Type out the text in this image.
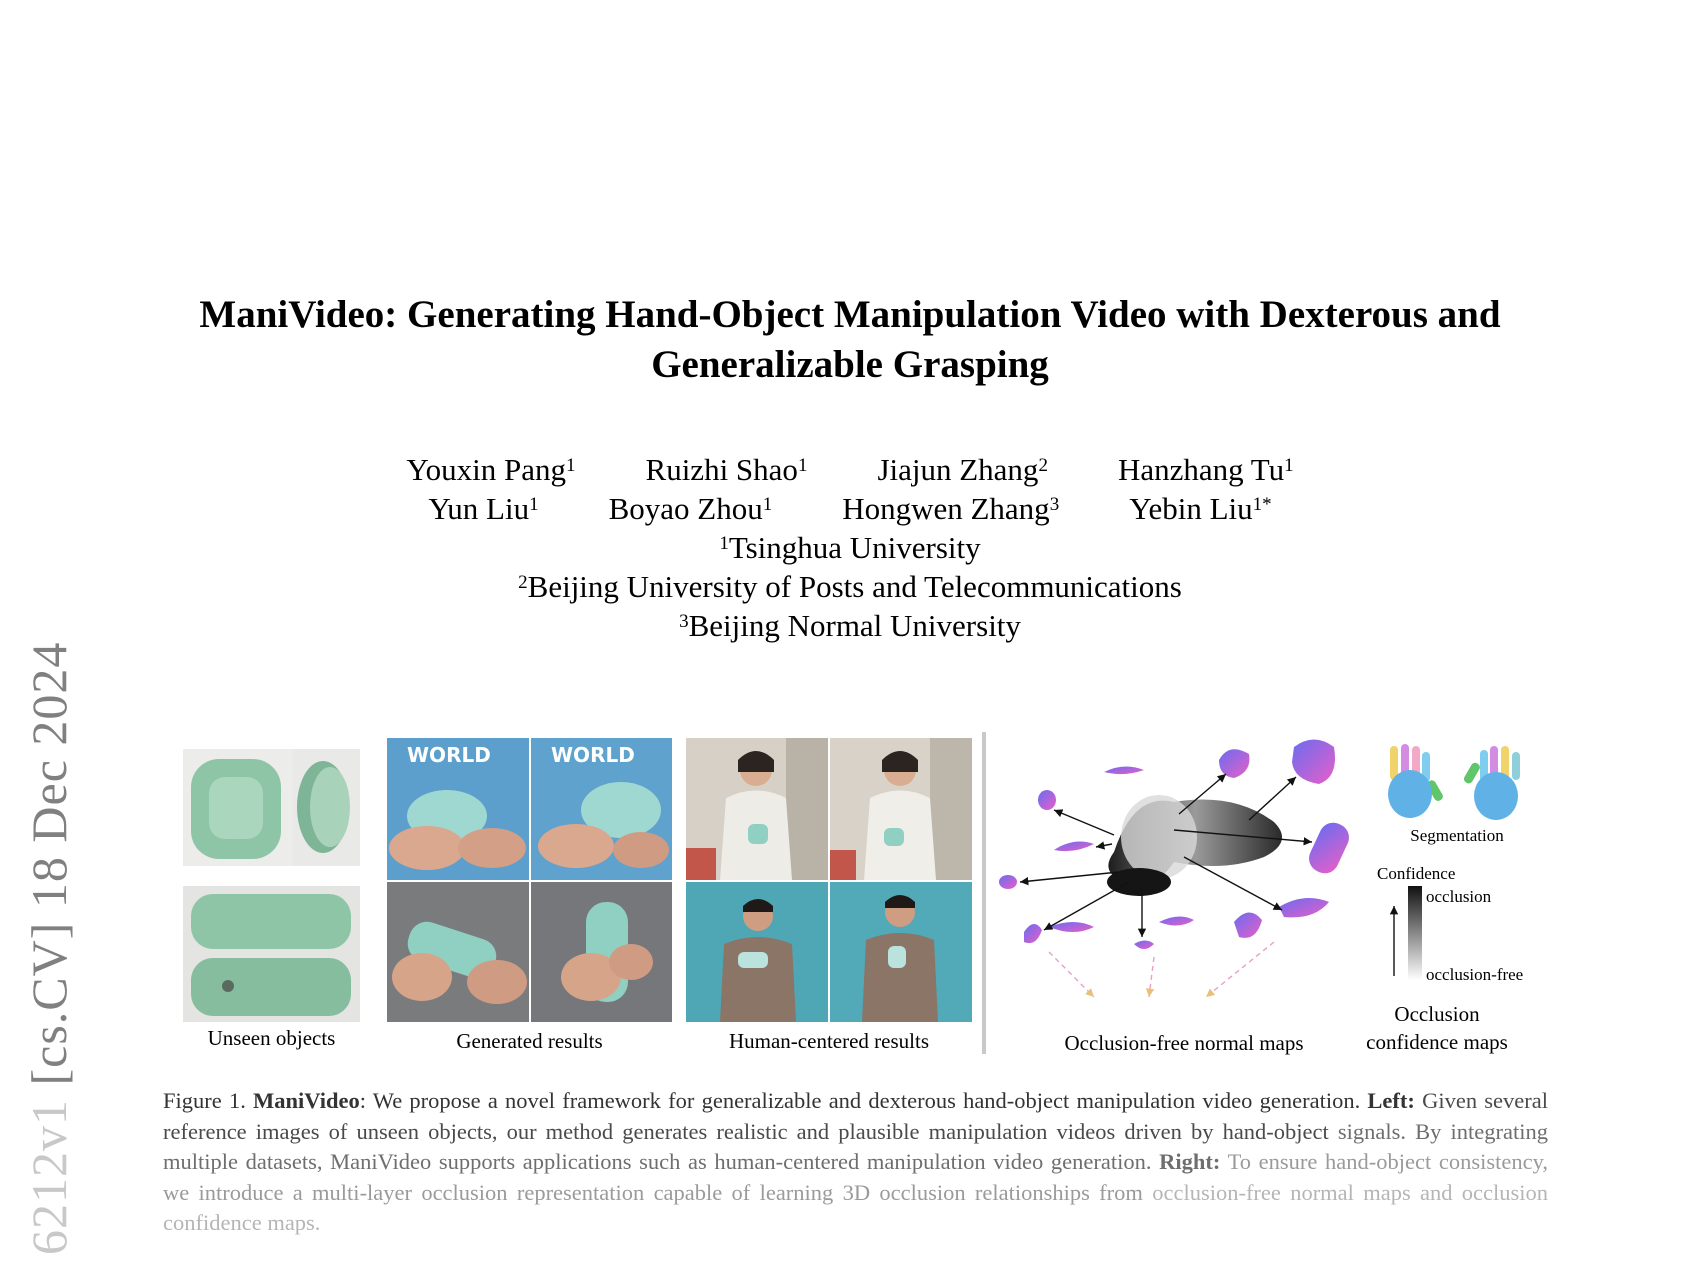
6212v1 [cs.CV] 18 Dec 2024
ManiVideo: Generating Hand-Object Manipulation Video with Dexterous and
Generalizable Grasping
Youxin Pang$^1$ Ruizhi Shao$^1$ Jiajun Zhang$^2$ Hanzhang Tu$^1$
Yun Liu$^1$ Boyao Zhou$^1$ Hongwen Zhang$^3$ Yebin Liu$^{1*}$
$^1$Tsinghua University
$^2$Beijing University of Posts and Telecommunications
$^3$Beijing Normal University
Unseen objects
WORLD	WORLD
Generated results	Human-centered results	Occlusion-free normal maps
Segmentation
Confidence
occlusion
occlusion-free
Occlusion
confidence maps
Figure 1. ManiVideo: We propose a novel framework for generalizable and dexterous hand-object manipulation video generation. Left: Given several reference images of unseen objects, our method generates realistic and plausible manipulation videos driven by hand-object signals. By integrating multiple datasets, ManiVideo supports applications such as human-centered manipulation video generation. Right: To ensure hand-object consistency, we introduce a multi-layer occlusion representation capable of learning 3D occlusion relationships from occlusion-free normal maps and occlusion confidence maps.
